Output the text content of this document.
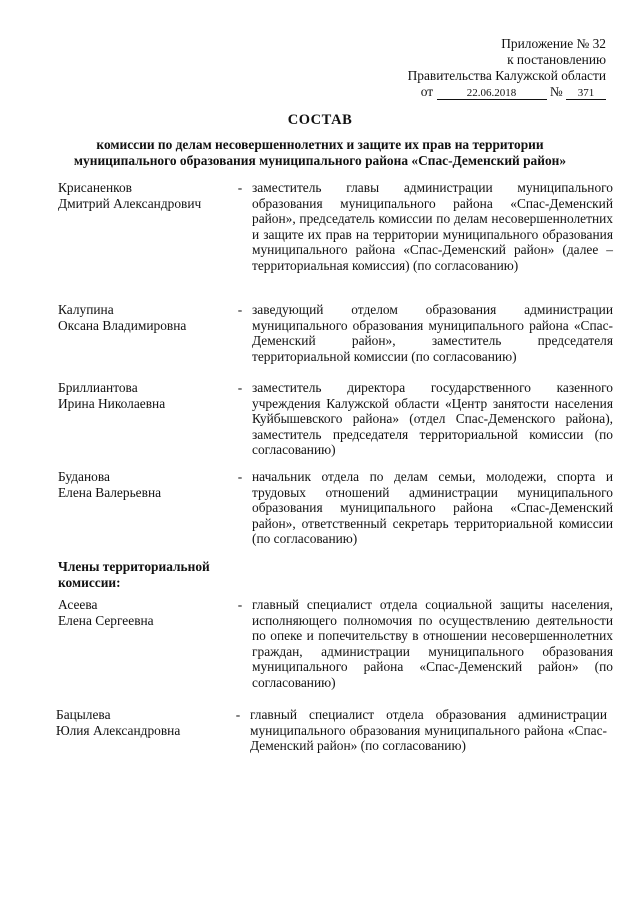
Приложение № 32
к постановлению
Правительства Калужской области
от	22.06.2018	№ 371
СОСТАВ
комиссии по делам несовершеннолетних и защите их прав на территории
муниципального образования муниципального района «Спас-Деменский район»
Крисаненков
Дмитрий Александрович
- заместитель главы администрации муниципального образования муниципального района «Спас-Деменский район», председатель комиссии по делам несовершеннолетних и защите их прав на территории муниципального образования муниципального района «Спас-Деменский район» (далее – территориальная комиссия) (по согласованию)
Калупина
Оксана Владимировна
- заведующий отделом образования администрации муниципального образования муниципального района «Спас-Деменский район», заместитель председателя территориальной комиссии (по согласованию)
Бриллиантова
Ирина Николаевна
- заместитель директора государственного казенного учреждения Калужской области «Центр занятости населения Куйбышевского района» (отдел Спас-Деменского района), заместитель председателя территориальной комиссии (по согласованию)
Буданова
Елена Валерьевна
- начальник отдела по делам семьи, молодежи, спорта и трудовых отношений администрации муниципального образования муниципального района «Спас-Деменский район», ответственный секретарь территориальной комиссии (по согласованию)
Члены территориальной
комиссии:
Асеева
Елена Сергеевна
- главный специалист отдела социальной защиты населения, исполняющего полномочия по осуществлению деятельности по опеке и попечительству в отношении несовершеннолетних граждан, администрации муниципального образования муниципального района «Спас-Деменский район» (по согласованию)
Бацылева
Юлия Александровна
- главный специалист отдела образования администрации муниципального образования муниципального района «Спас-Деменский район» (по согласованию)
